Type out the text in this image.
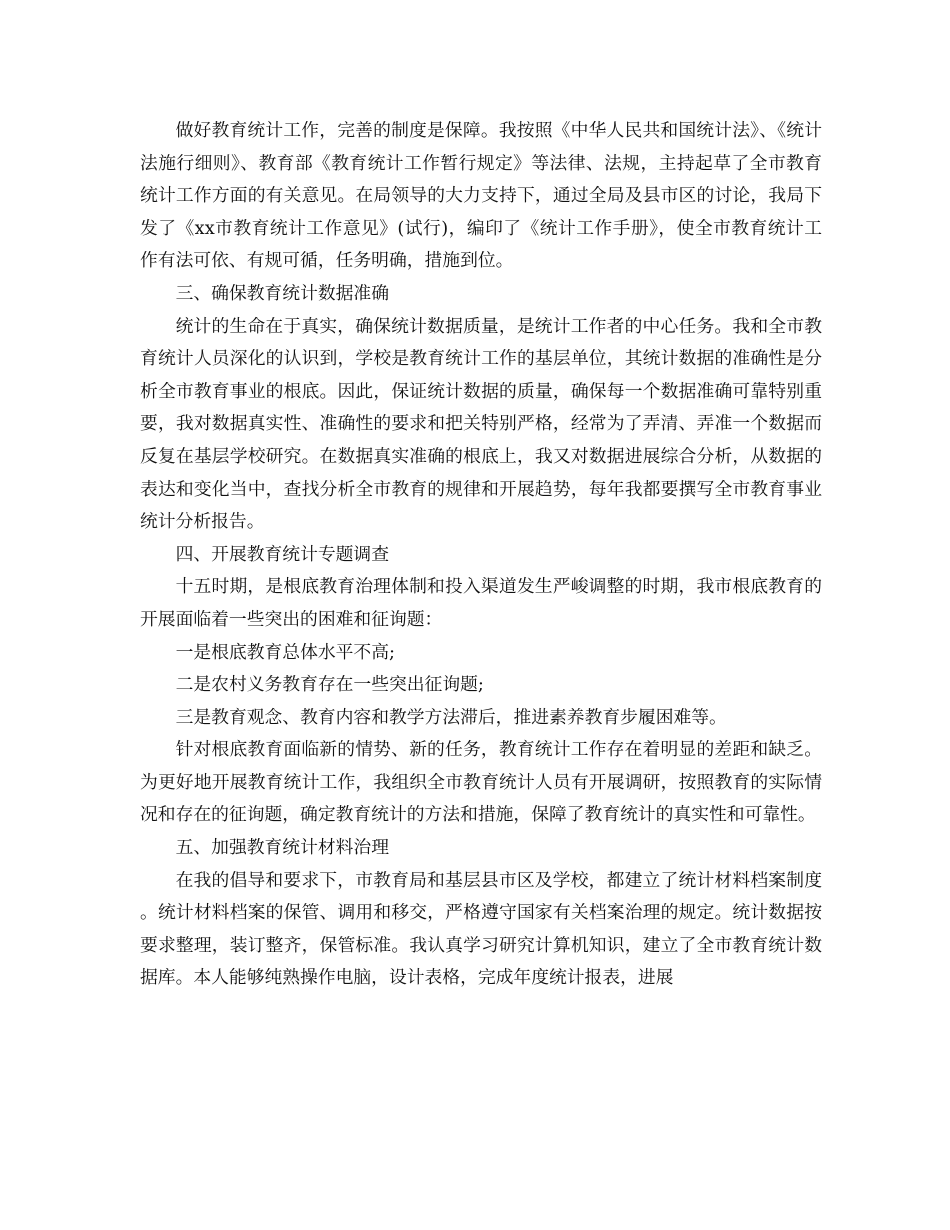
做好教育统计工作，完善的制度是保障。我按照《中华人民共和国统计法》、《统计法施行细则》、教育部《教育统计工作暂行规定》等法律、法规，主持起草了全市教育统计工作方面的有关意见。在局领导的大力支持下，通过全局及县市区的讨论，我局下发了《xx市教育统计工作意见》(试行)，编印了《统计工作手册》，使全市教育统计工作有法可依、有规可循，任务明确，措施到位。

三、确保教育统计数据准确

统计的生命在于真实，确保统计数据质量，是统计工作者的中心任务。我和全市教育统计人员深化的认识到，学校是教育统计工作的基层单位，其统计数据的准确性是分析全市教育事业的根底。因此，保证统计数据的质量，确保每一个数据准确可靠特别重要，我对数据真实性、准确性的要求和把关特别严格，经常为了弄清、弄准一个数据而反复在基层学校研究。在数据真实准确的根底上，我又对数据进展综合分析，从数据的表达和变化当中，查找分析全市教育的规律和开展趋势，每年我都要撰写全市教育事业统计分析报告。

四、开展教育统计专题调查

十五时期，是根底教育治理体制和投入渠道发生严峻调整的时期，我市根底教育的开展面临着一些突出的困难和征询题：

一是根底教育总体水平不高;

二是农村义务教育存在一些突出征询题;

三是教育观念、教育内容和教学方法滞后，推进素养教育步履困难等。

针对根底教育面临新的情势、新的任务，教育统计工作存在着明显的差距和缺乏。为更好地开展教育统计工作，我组织全市教育统计人员有开展调研，按照教育的实际情况和存在的征询题，确定教育统计的方法和措施，保障了教育统计的真实性和可靠性。

五、加强教育统计材料治理

在我的倡导和要求下，市教育局和基层县市区及学校，都建立了统计材料档案制度。统计材料档案的保管、调用和移交，严格遵守国家有关档案治理的规定。统计数据按要求整理，装订整齐，保管标准。我认真学习研究计算机知识，建立了全市教育统计数据库。本人能够纯熟操作电脑，设计表格，完成年度统计报表，进展
